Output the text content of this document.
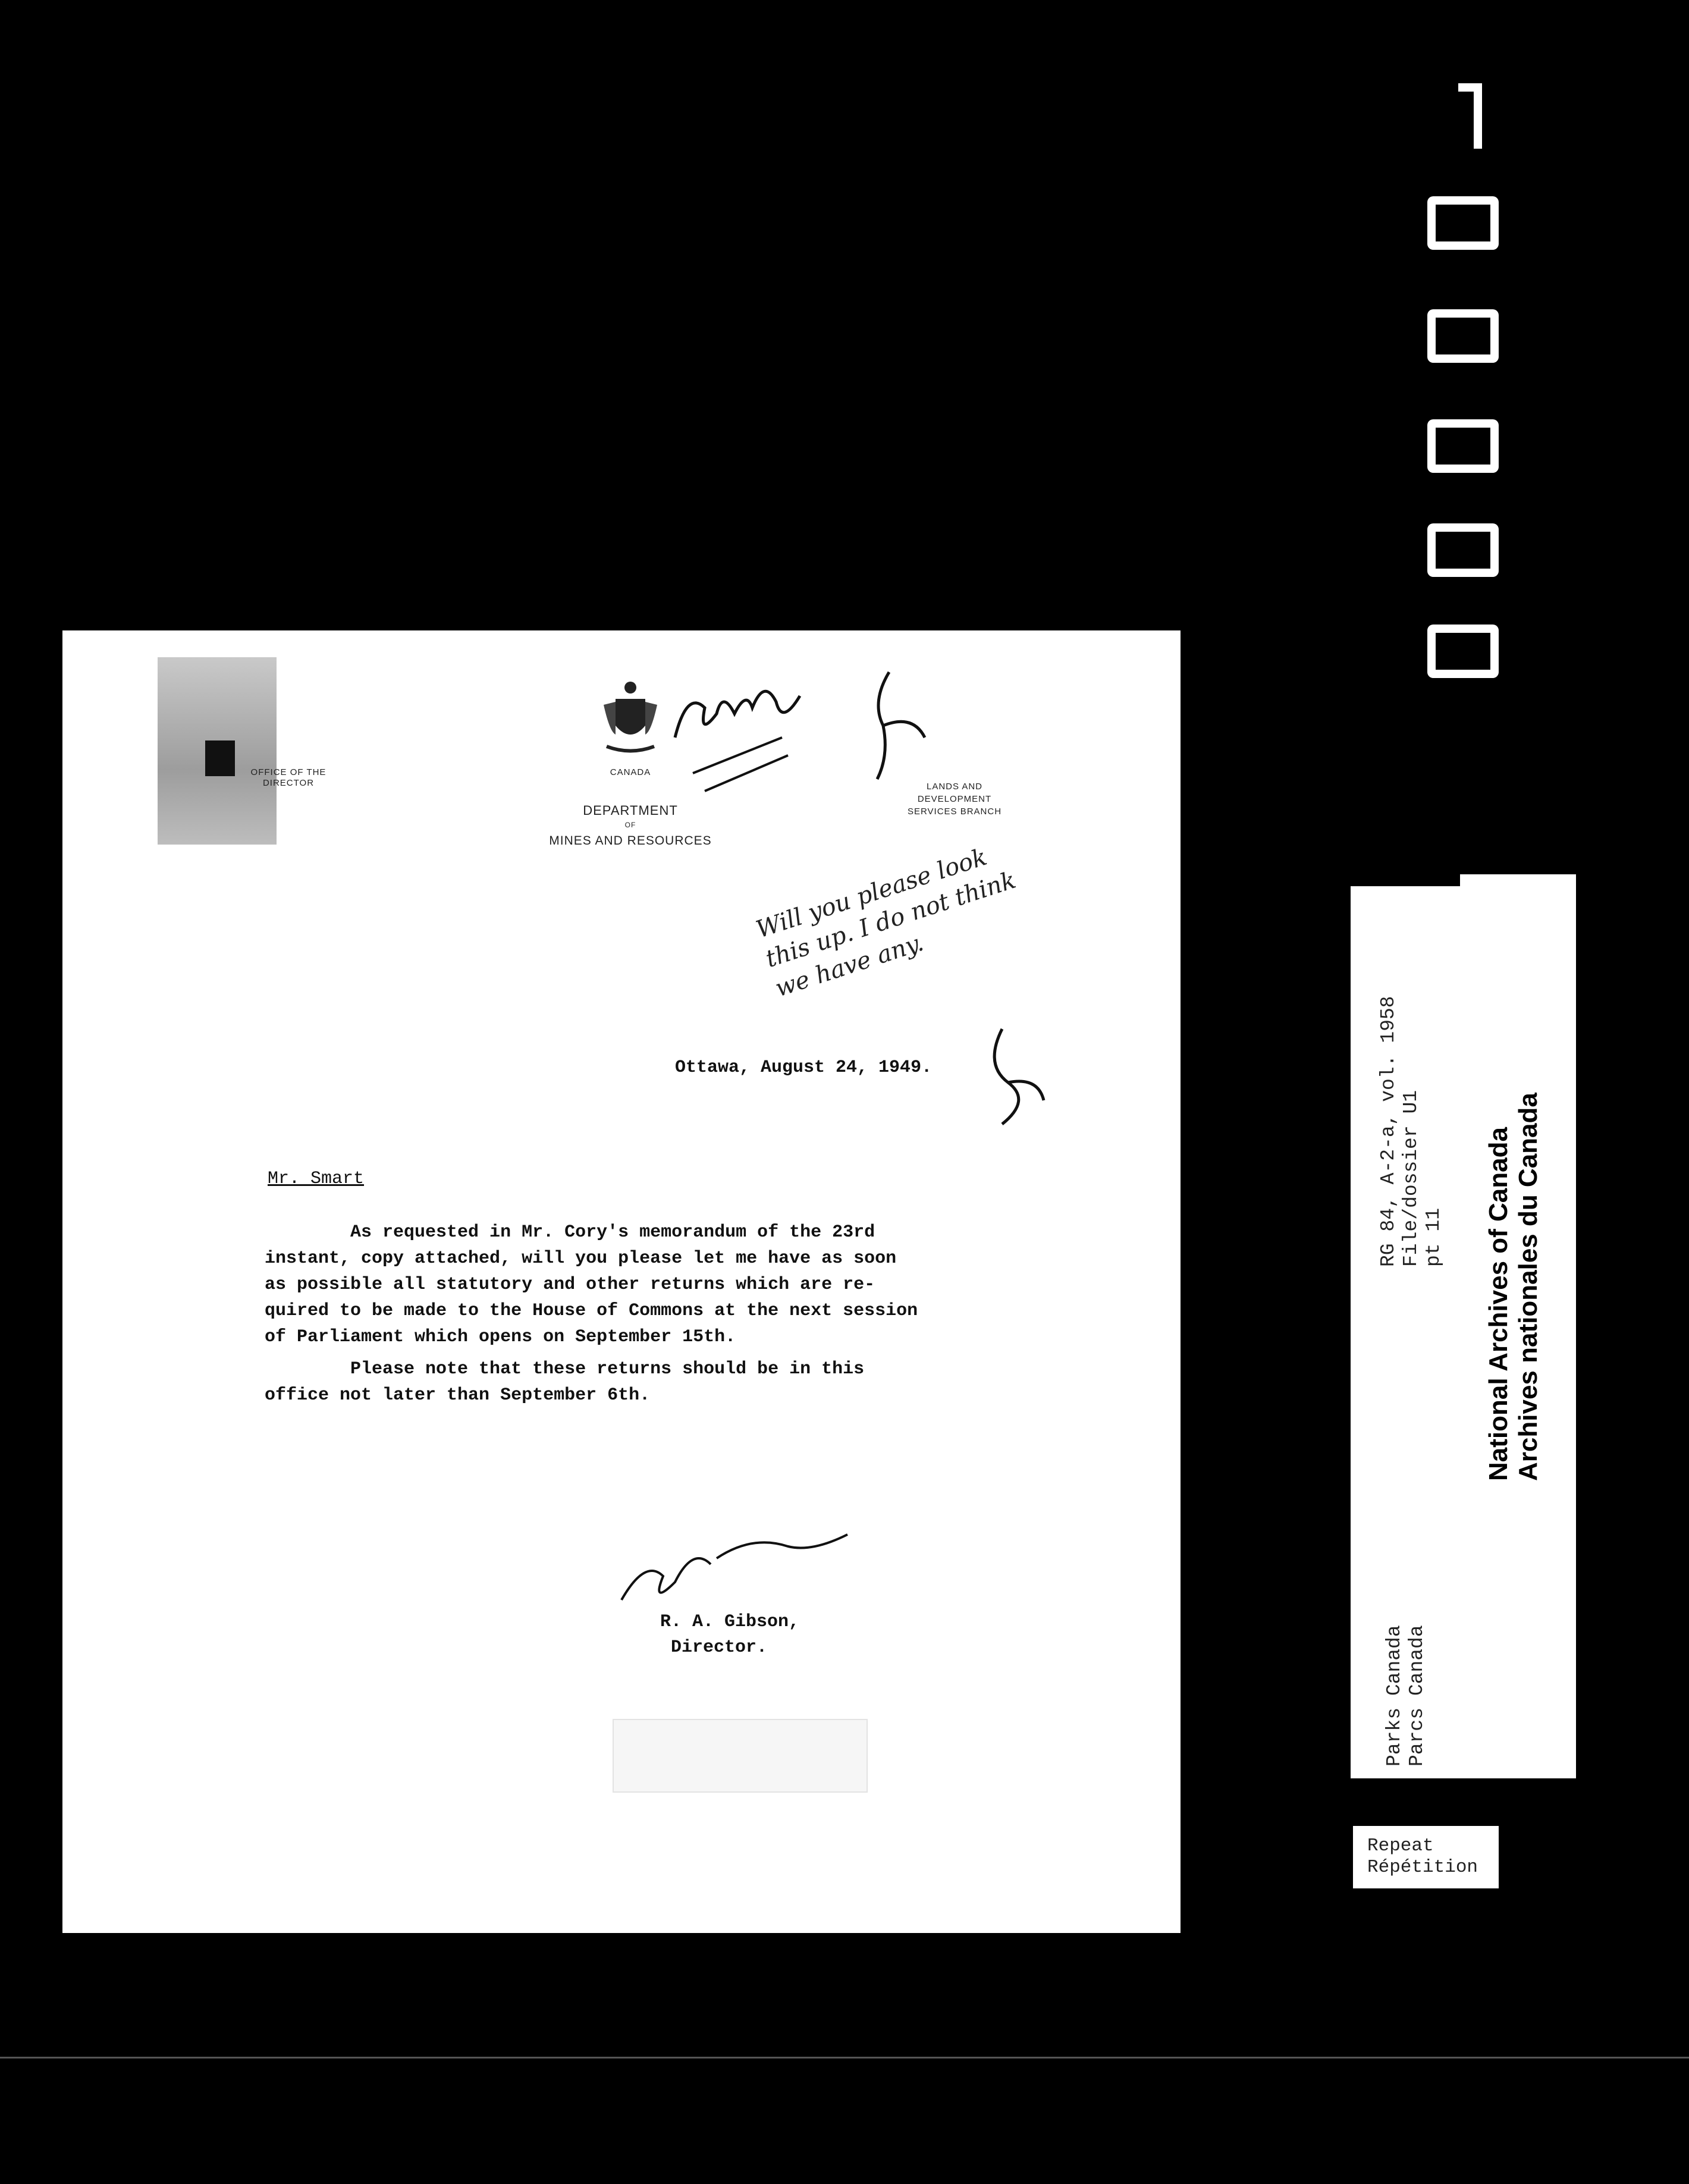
OFFICE OF THE
DIRECTOR
CANADA
DEPARTMENT
OF
MINES AND RESOURCES
LANDS AND
DEVELOPMENT
SERVICES BRANCH
Will you please look this up. I do not think we have any.
Ottawa, August 24, 1949.
Mr. Smart
As requested in Mr. Cory's memorandum of the 23rd
instant, copy attached, will you please let me have as soon
as possible all statutory and other returns which are re-
quired to be made to the House of Commons at the next session
of Parliament which opens on September 15th.
Please note that these returns should be in this
office not later than September 6th.
R. A. Gibson,
Director.
RG 84, A-2-a, vol. 1958 File/dossier U1 pt 11
Parks Canada Parcs Canada
National Archives of Canada Archives nationales du Canada
Repeat
Répétition
